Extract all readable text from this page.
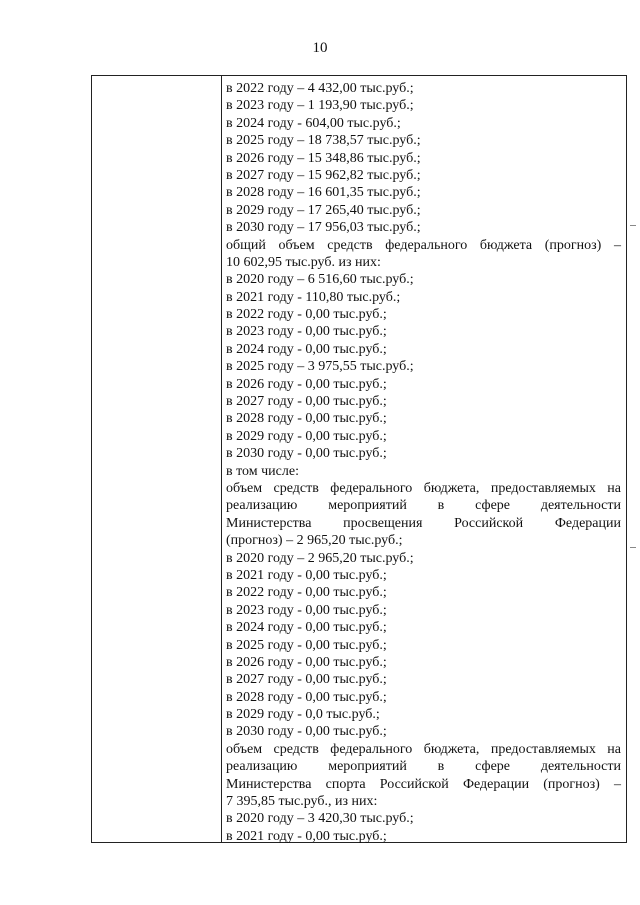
10
в 2022 году – 4 432,00 тыс.руб.;
в 2023 году – 1 193,90 тыс.руб.;
в 2024 году - 604,00 тыс.руб.;
в 2025 году – 18 738,57 тыс.руб.;
в 2026 году – 15 348,86 тыс.руб.;
в 2027 году – 15 962,82 тыс.руб.;
в 2028 году – 16 601,35 тыс.руб.;
в 2029 году – 17 265,40 тыс.руб.;
в 2030 году – 17 956,03 тыс.руб.;
общий объем средств федерального бюджета (прогноз) –
10 602,95 тыс.руб. из них:
в 2020 году – 6 516,60 тыс.руб.;
в 2021 году - 110,80 тыс.руб.;
в 2022 году - 0,00 тыс.руб.;
в 2023 году - 0,00 тыс.руб.;
в 2024 году - 0,00 тыс.руб.;
в 2025 году – 3 975,55 тыс.руб.;
в 2026 году - 0,00 тыс.руб.;
в 2027 году - 0,00 тыс.руб.;
в 2028 году - 0,00 тыс.руб.;
в 2029 году - 0,00 тыс.руб.;
в 2030 году - 0,00 тыс.руб.;
в том числе:
объем средств федерального бюджета, предоставляемых на
реализацию мероприятий в сфере деятельности
Министерства просвещения Российской Федерации
(прогноз) – 2 965,20 тыс.руб.;
в 2020 году – 2 965,20 тыс.руб.;
в 2021 году - 0,00 тыс.руб.;
в 2022 году - 0,00 тыс.руб.;
в 2023 году - 0,00 тыс.руб.;
в 2024 году - 0,00 тыс.руб.;
в 2025 году - 0,00 тыс.руб.;
в 2026 году - 0,00 тыс.руб.;
в 2027 году - 0,00 тыс.руб.;
в 2028 году - 0,00 тыс.руб.;
в 2029 году - 0,0 тыс.руб.;
в 2030 году - 0,00 тыс.руб.;
объем средств федерального бюджета, предоставляемых на
реализацию мероприятий в сфере деятельности
Министерства спорта Российской Федерации (прогноз) –
7 395,85 тыс.руб., из них:
в 2020 году – 3 420,30 тыс.руб.;
в 2021 году - 0,00 тыс.руб.;
